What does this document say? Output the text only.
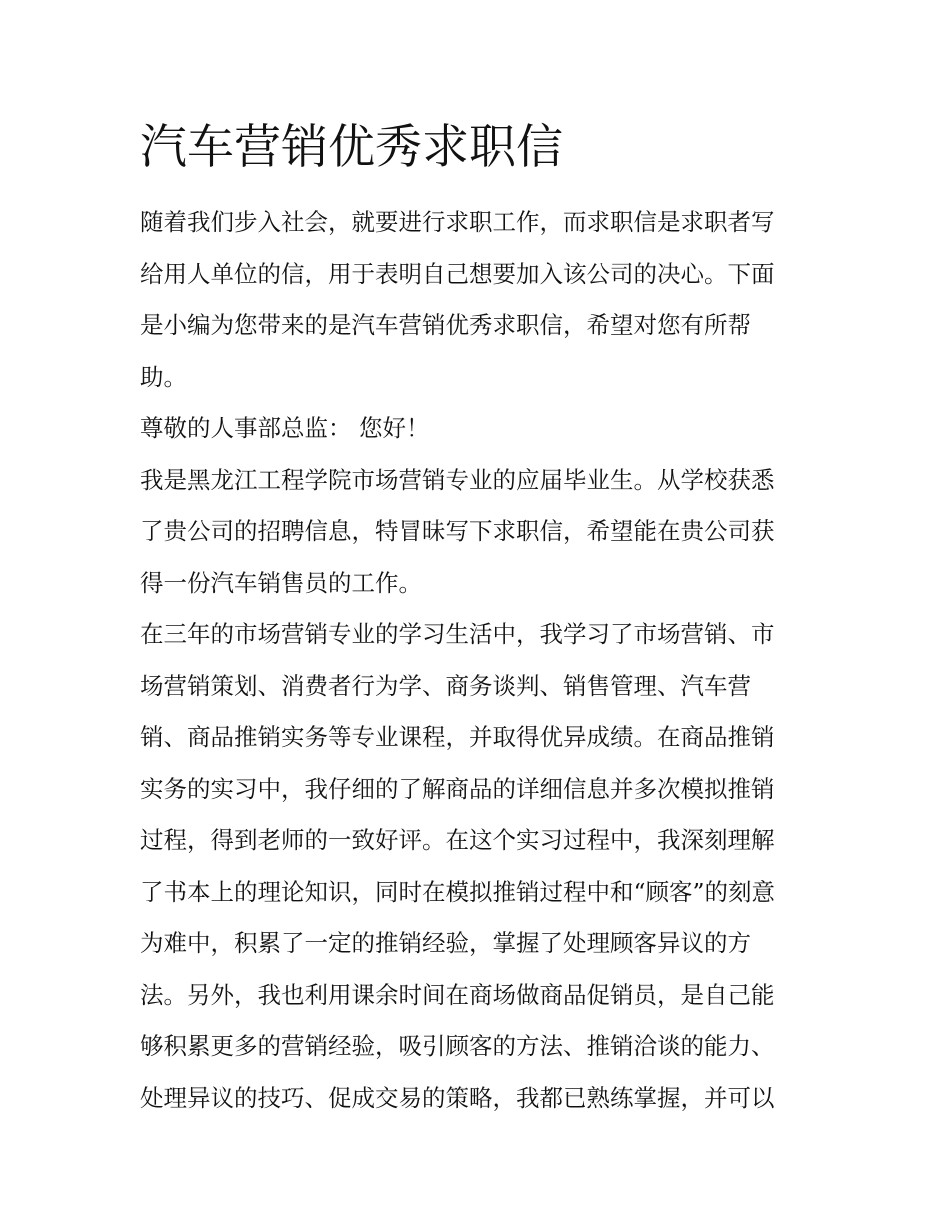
汽车营销优秀求职信
随着我们步入社会，就要进行求职工作，而求职信是求职者写
给用人单位的信，用于表明自己想要加入该公司的决心。下面
是小编为您带来的是汽车营销优秀求职信，希望对您有所帮
助。
尊敬的人事部总监： 您好！
我是黑龙江工程学院市场营销专业的应届毕业生。从学校获悉
了贵公司的招聘信息，特冒昧写下求职信，希望能在贵公司获
得一份汽车销售员的工作。
在三年的市场营销专业的学习生活中，我学习了市场营销、市
场营销策划、消费者行为学、商务谈判、销售管理、汽车营
销、商品推销实务等专业课程，并取得优异成绩。在商品推销
实务的实习中，我仔细的了解商品的详细信息并多次模拟推销
过程，得到老师的一致好评。在这个实习过程中，我深刻理解
了书本上的理论知识，同时在模拟推销过程中和“顾客”的刻意
为难中，积累了一定的推销经验，掌握了处理顾客异议的方
法。另外，我也利用课余时间在商场做商品促销员，是自己能
够积累更多的营销经验，吸引顾客的方法、推销洽谈的能力、
处理异议的技巧、促成交易的策略，我都已熟练掌握，并可以
